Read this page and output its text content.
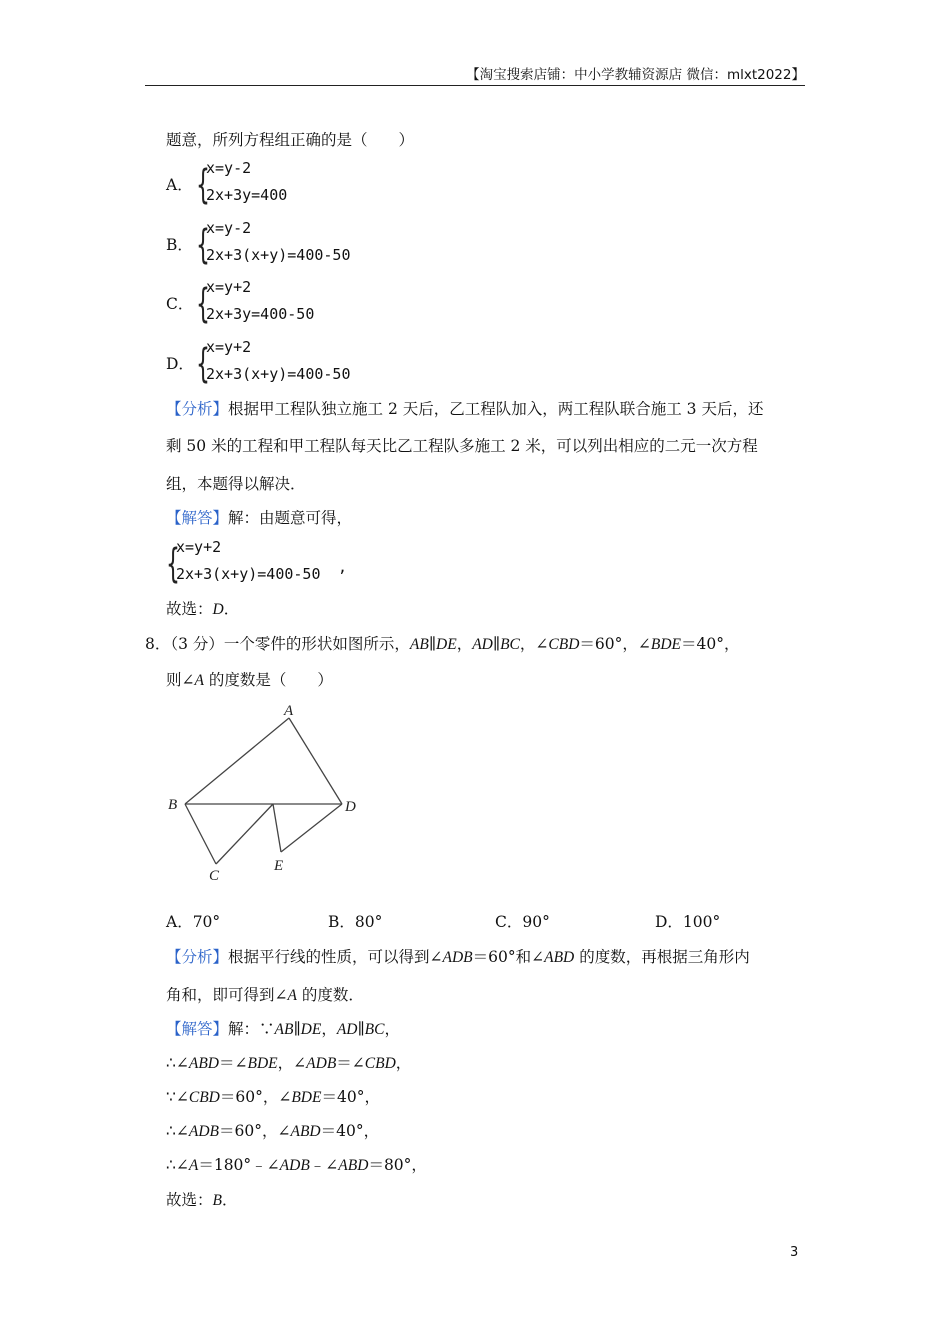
【淘宝搜索店铺：中小学教辅资源店 微信：mlxt2022】
题意，所列方程组正确的是（　　）
A． {
x=y-2
2x+3y=400
B． {
x=y-2
2x+3(x+y)=400-50
C． {
x=y+2
2x+3y=400-50
D． {
x=y+2
2x+3(x+y)=400-50
【分析】根据甲工程队独立施工 2 天后，乙工程队加入，两工程队联合施工 3 天后，还
剩 50 米的工程和甲工程队每天比乙工程队多施工 2 米，可以列出相应的二元一次方程
组，本题得以解决．
【解答】解：由题意可得，
{
x=y+2
2x+3(x+y)=400-50 ,
故选：D．
8．（3 分）一个零件的形状如图所示，AB∥DE，AD∥BC，∠CBD＝60°，∠BDE＝40°，
则∠A 的度数是（　　）
A
B
C
D
E
A．70°	B．80°	C．90°	D．100°
【分析】根据平行线的性质，可以得到∠ADB＝60°和∠ABD 的度数，再根据三角形内
角和，即可得到∠A 的度数．
【解答】解：∵AB∥DE，AD∥BC，
∴∠ABD＝∠BDE，∠ADB＝∠CBD，
∵∠CBD＝60°，∠BDE＝40°，
∴∠ADB＝60°，∠ABD＝40°，
∴∠A＝180°﹣∠ADB﹣∠ABD＝80°，
故选：B．
3
